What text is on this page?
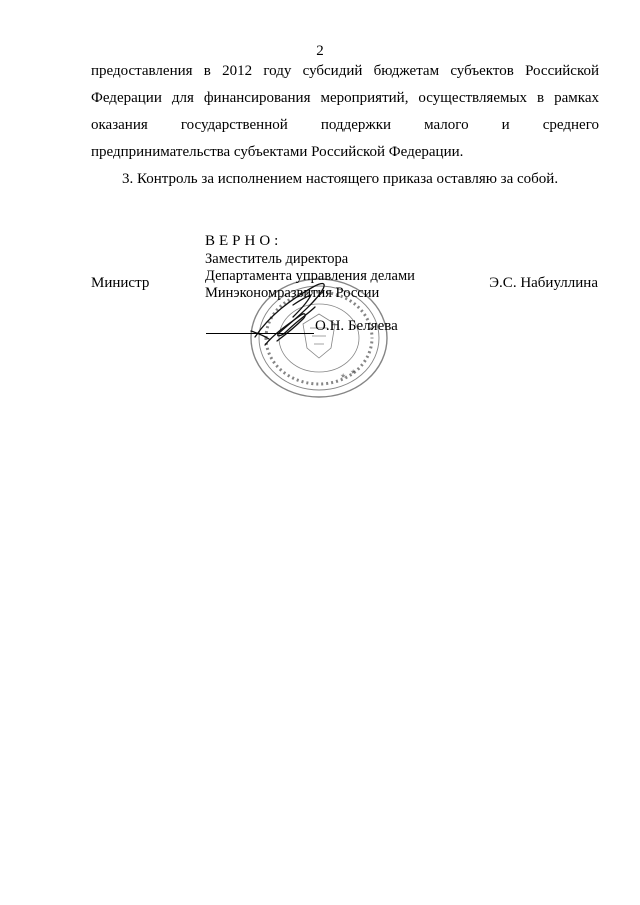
2
предоставления в 2012 году субсидий бюджетам субъектов Российской
Федерации для финансирования мероприятий, осуществляемых в рамках
оказания государственной поддержки малого и среднего
предпринимательства субъектами Российской Федерации.
3. Контроль за исполнением настоящего приказа оставляю за собой.
★ ★
ВЕРНО:
Заместитель директора
Департамента управления делами
Минэкономразвития России
Министр	Э.С. Набиуллина
О.Н. Беляева
